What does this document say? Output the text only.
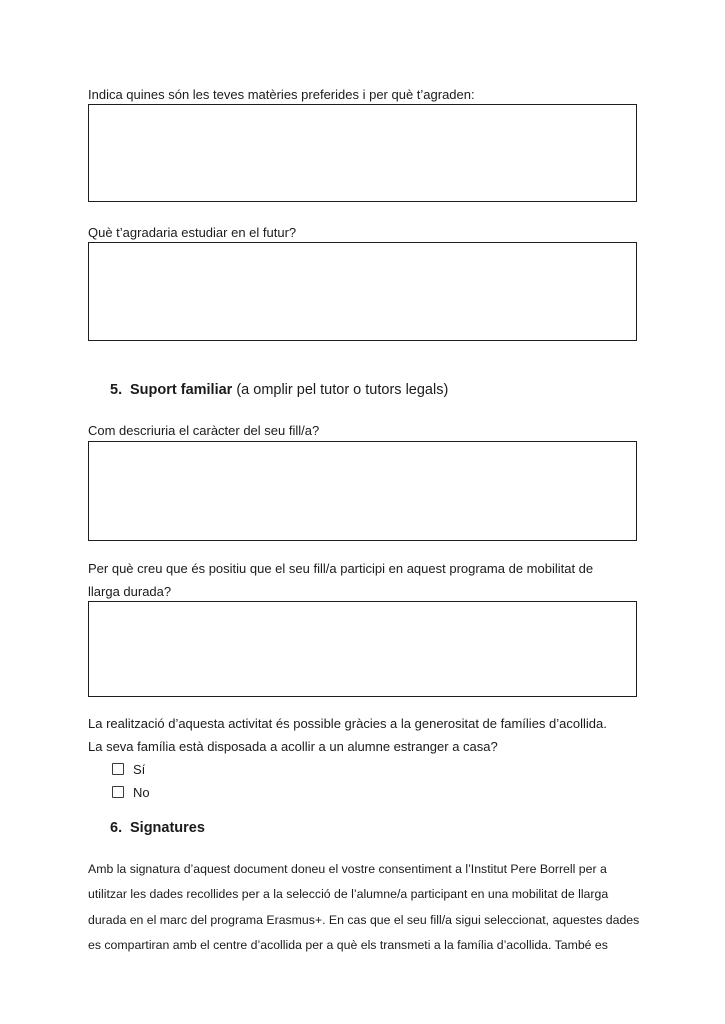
Indica quines són les teves matèries preferides i per què t’agraden:
Què t’agradaria estudiar en el futur?
5. Suport familiar (a omplir pel tutor o tutors legals)
Com descriuria el caràcter del seu fill/a?
Per què creu que és positiu que el seu fill/a participi en aquest programa de mobilitat de
llarga durada?
La realització d’aquesta activitat és possible gràcies a la generositat de famílies d’acollida.
La seva família està disposada a acollir a un alumne estranger a casa?
Sí
No
6. Signatures
Amb la signatura d’aquest document doneu el vostre consentiment a l’Institut Pere Borrell per a
utilitzar les dades recollides per a la selecció de l’alumne/a participant en una mobilitat de llarga
durada en el marc del programa Erasmus+. En cas que el seu fill/a sigui seleccionat, aquestes dades
es compartiran amb el centre d’acollida per a què els transmeti a la família d’acollida. També es
